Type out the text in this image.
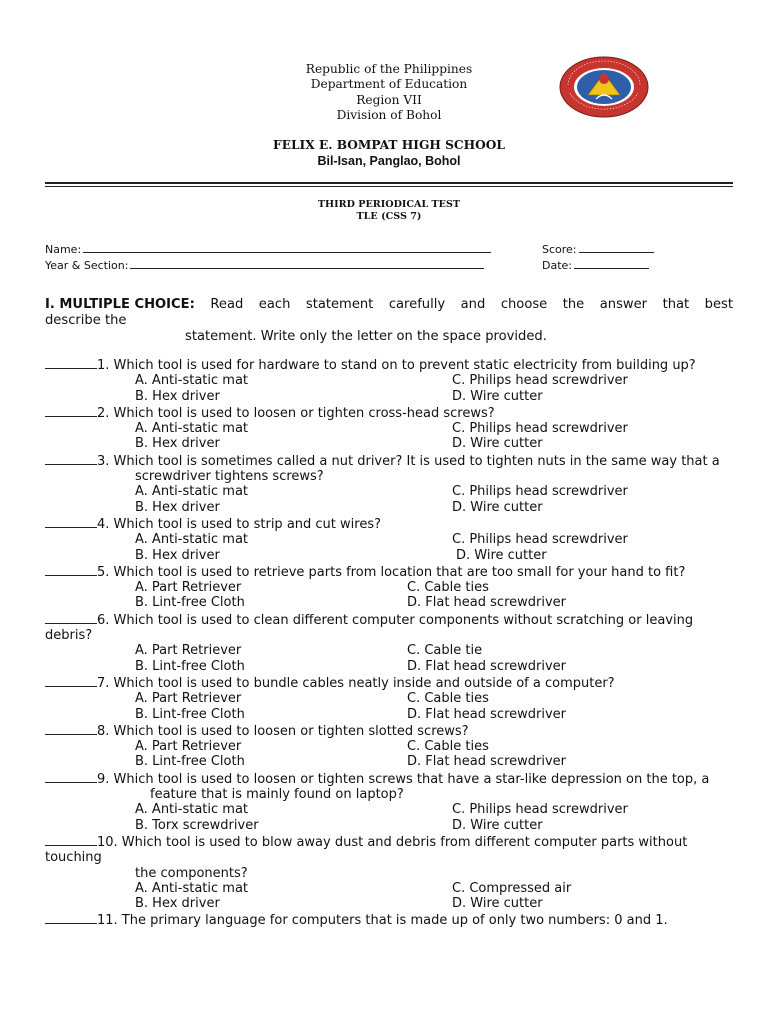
Republic of the Philippines
Department of Education
Region VII
Division of Bohol
FELIX E. BOMPAT HIGH SCHOOL
Bil-Isan, Panglao, Bohol
THIRD PERIODICAL TEST
TLE (CSS 7)
Name:
Year & Section:
Score:
Date:
I. MULTIPLE CHOICE: Read each statement carefully and choose the answer that best
describe the
statement. Write only the letter on the space provided.
1. Which tool is used for hardware to stand on to prevent static electricity from building up?
A. Anti-static mat	C. Philips head screwdriver
B. Hex driver	D. Wire cutter
2. Which tool is used to loosen or tighten cross-head screws?
A. Anti-static mat	C. Philips head screwdriver
B. Hex driver	D. Wire cutter
3. Which tool is sometimes called a nut driver? It is used to tighten nuts in the same way that a
screwdriver tightens screws?
A. Anti-static mat	C. Philips head screwdriver
B. Hex driver	D. Wire cutter
4. Which tool is used to strip and cut wires?
A. Anti-static mat	C. Philips head screwdriver
B. Hex driver	D. Wire cutter
5. Which tool is used to retrieve parts from location that are too small for your hand to fit?
A. Part Retriever	C. Cable ties
B. Lint-free Cloth	D. Flat head screwdriver
6. Which tool is used to clean different computer components without scratching or leaving debris?
A. Part Retriever	C. Cable tie
B. Lint-free Cloth	D. Flat head screwdriver
7. Which tool is used to bundle cables neatly inside and outside of a computer?
A. Part Retriever	C. Cable ties
B. Lint-free Cloth	D. Flat head screwdriver
8. Which tool is used to loosen or tighten slotted screws?
A. Part Retriever	C. Cable ties
B. Lint-free Cloth	D. Flat head screwdriver
9. Which tool is used to loosen or tighten screws that have a star-like depression on the top, a
feature that is mainly found on laptop?
A. Anti-static mat	C. Philips head screwdriver
B. Torx screwdriver	D. Wire cutter
10. Which tool is used to blow away dust and debris from different computer parts without touching
the components?
A. Anti-static mat	C. Compressed air
B. Hex driver	D. Wire cutter
11. The primary language for computers that is made up of only two numbers: 0 and 1.
